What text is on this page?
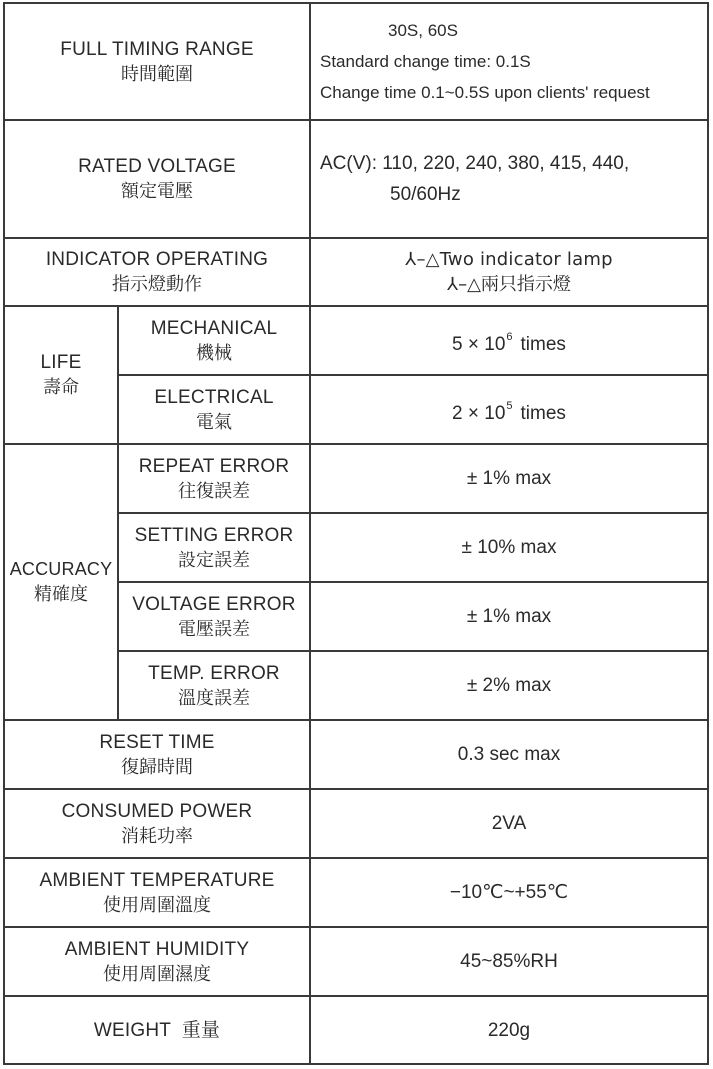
FULL TIMING RANGE
時間範圍		30S, 60S
Standard change time: 0.1S
Change time 0.1~0.5S upon clients' request

RATED VOLTAGE
額定電壓		AC(V): 110, 220, 240, 380, 415, 440,
50/60Hz

INDICATOR OPERATING
指示燈動作		⅄–△Two indicator lamp
⅄–△兩只指示燈

LIFE
壽命	MECHANICAL
機械	$5 \times 10^6$ times

	ELECTRICAL
電氣	$2 \times 10^5$ times

ACCURACY
精確度	REPEAT ERROR
往復誤差	± 1% max

	SETTING ERROR
設定誤差	± 10% max

	VOLTAGE ERROR
電壓誤差	± 1% max

	TEMP. ERROR
溫度誤差	± 2% max

RESET TIME
復歸時間		0.3 sec max

CONSUMED POWER
消耗功率		2VA

AMBIENT TEMPERATURE
使用周圍溫度		−10℃~+55℃

AMBIENT HUMIDITY
使用周圍濕度		45~85%RH

WEIGHT  重量		220g
